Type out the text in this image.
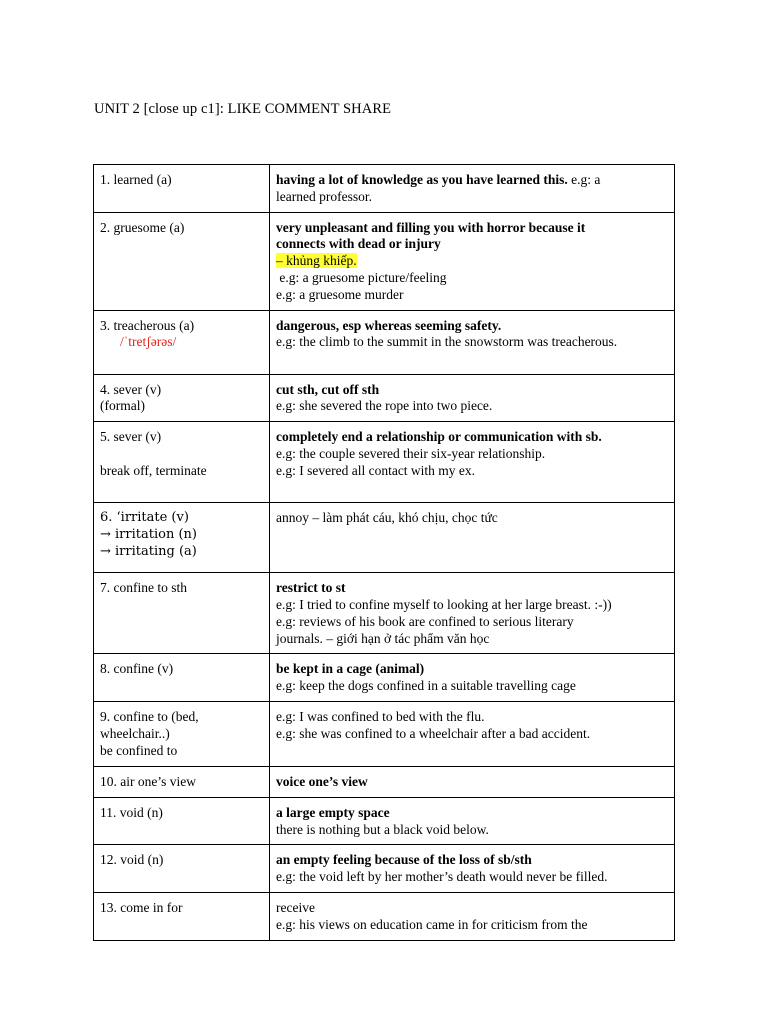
UNIT 2 [close up c1]: LIKE COMMENT SHARE
1. learned (a)	having a lot of knowledge as you have learned this. e.g: a
learned professor.

2. gruesome (a)	very unpleasant and filling you with horror because it
connects with dead or injury
– khủng khiếp.
e.g: a gruesome picture/feeling
e.g: a gruesome murder

3. treacherous (a)
/ˈtretʃərəs/	dangerous, esp whereas seeming safety.
e.g: the climb to the summit in the snowstorm was treacherous.

4. sever (v)
(formal)	cut sth, cut off sth
e.g: she severed the rope into two piece.

5. sever (v)
break off, terminate	completely end a relationship or communication with sb.
e.g: the couple severed their six-year relationship.
e.g: I severed all contact with my ex.

6. ‘irritate (v)
→ irritation (n)
→ irritating (a)	annoy – làm phát cáu, khó chịu, chọc tức

7. confine to sth	restrict to st
e.g: I tried to confine myself to looking at her large breast. :-))
e.g: reviews of his book are confined to serious literary
journals. – giới hạn ở tác phẩm văn học

8. confine (v)	be kept in a cage (animal)
e.g: keep the dogs confined in a suitable travelling cage

9. confine to (bed,
wheelchair..)
be confined to	e.g: I was confined to bed with the flu.
e.g: she was confined to a wheelchair after a bad accident.

10. air one’s view	voice one’s view

11. void (n)	a large empty space
there is nothing but a black void below.

12. void (n)	an empty feeling because of the loss of sb/sth
e.g: the void left by her mother’s death would never be filled.

13. come in for	receive
e.g: his views on education came in for criticism from the
